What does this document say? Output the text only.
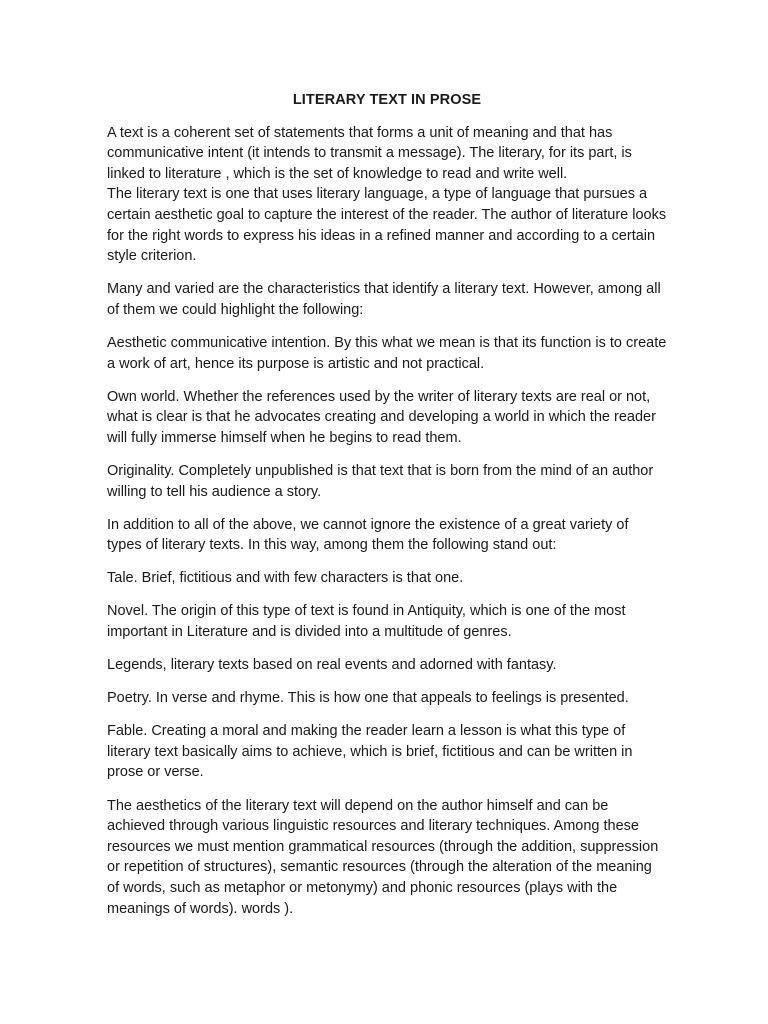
LITERARY TEXT IN PROSE
A text is a coherent set of statements that forms a unit of meaning and that has communicative intent (it intends to transmit a message). The literary, for its part, is linked to literature , which is the set of knowledge to read and write well.
The literary text is one that uses literary language, a type of language that pursues a certain aesthetic goal to capture the interest of the reader. The author of literature looks for the right words to express his ideas in a refined manner and according to a certain style criterion.
Many and varied are the characteristics that identify a literary text. However, among all of them we could highlight the following:
Aesthetic communicative intention. By this what we mean is that its function is to create a work of art, hence its purpose is artistic and not practical.
Own world. Whether the references used by the writer of literary texts are real or not, what is clear is that he advocates creating and developing a world in which the reader will fully immerse himself when he begins to read them.
Originality. Completely unpublished is that text that is born from the mind of an author willing to tell his audience a story.
In addition to all of the above, we cannot ignore the existence of a great variety of types of literary texts. In this way, among them the following stand out:
Tale. Brief, fictitious and with few characters is that one.
Novel. The origin of this type of text is found in Antiquity, which is one of the most important in Literature and is divided into a multitude of genres.
Legends, literary texts based on real events and adorned with fantasy.
Poetry. In verse and rhyme. This is how one that appeals to feelings is presented.
Fable. Creating a moral and making the reader learn a lesson is what this type of literary text basically aims to achieve, which is brief, fictitious and can be written in prose or verse.
The aesthetics of the literary text will depend on the author himself and can be achieved through various linguistic resources and literary techniques. Among these resources we must mention grammatical resources (through the addition, suppression or repetition of structures), semantic resources (through the alteration of the meaning of words, such as metaphor or metonymy) and phonic resources (plays with the meanings of words). words ).
